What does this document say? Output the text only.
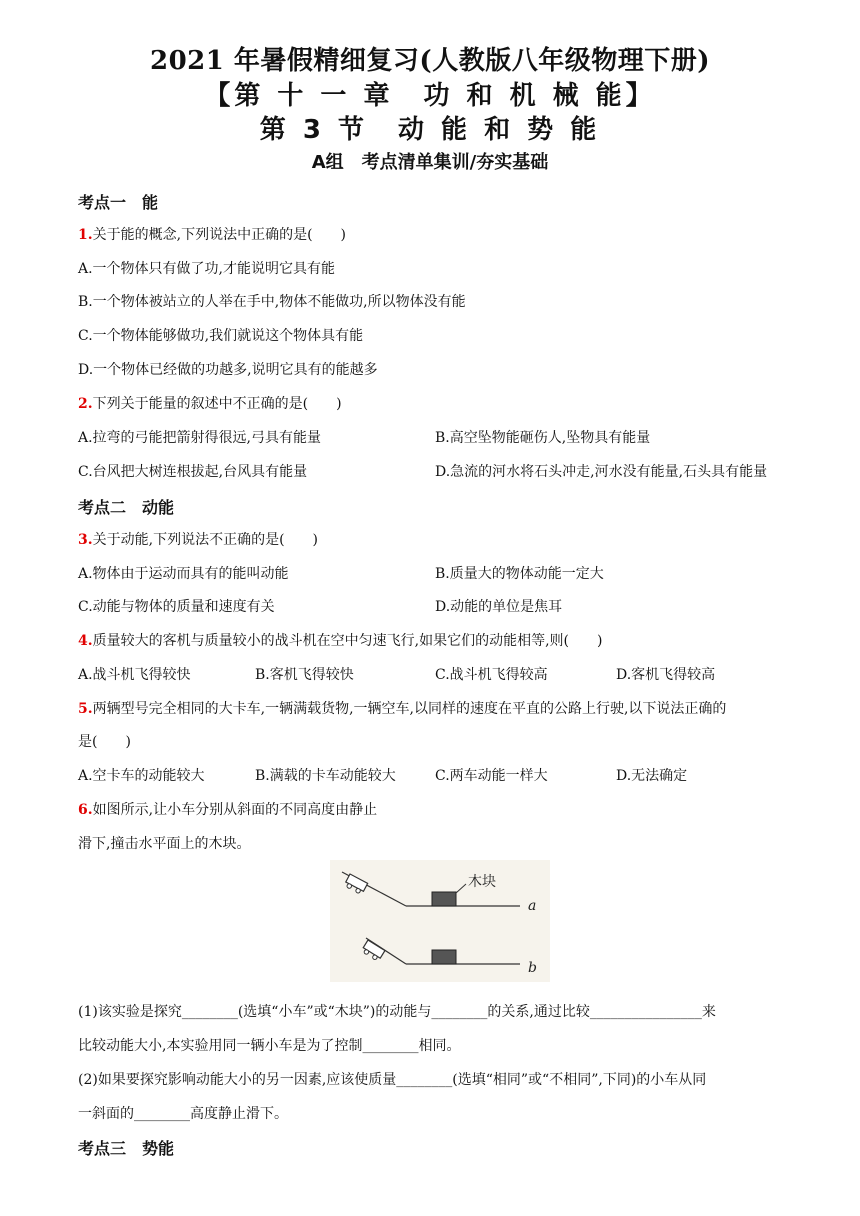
2021 年暑假精细复习(人教版八年级物理下册)
【第 十 一 章　功 和 机 械 能】
第 3 节　动 能 和 势 能
A组　考点清单集训/夯实基础
考点一　能
1.关于能的概念,下列说法中正确的是(　　)
A.一个物体只有做了功,才能说明它具有能
B.一个物体被站立的人举在手中,物体不能做功,所以物体没有能
C.一个物体能够做功,我们就说这个物体具有能
D.一个物体已经做的功越多,说明它具有的能越多
2.下列关于能量的叙述中不正确的是(　　)
A.拉弯的弓能把箭射得很远,弓具有能量	B.高空坠物能砸伤人,坠物具有能量
C.台风把大树连根拔起,台风具有能量	D.急流的河水将石头冲走,河水没有能量,石头具有能量
考点二　动能
3.关于动能,下列说法不正确的是(　　)
A.物体由于运动而具有的能叫动能	B.质量大的物体动能一定大
C.动能与物体的质量和速度有关	D.动能的单位是焦耳
4.质量较大的客机与质量较小的战斗机在空中匀速飞行,如果它们的动能相等,则(　　)
A.战斗机飞得较快	B.客机飞得较快	C.战斗机飞得较高	D.客机飞得较高
5.两辆型号完全相同的大卡车,一辆满载货物,一辆空车,以同样的速度在平直的公路上行驶,以下说法正确的
是(　　)
A.空卡车的动能较大	B.满载的卡车动能较大	C.两车动能一样大	D.无法确定
6.如图所示,让小车分别从斜面的不同高度由静止
滑下,撞击水平面上的木块。
木块
a
b
(1)该实验是探究________(选填“小车”或“木块”)的动能与________的关系,通过比较________________来
比较动能大小,本实验用同一辆小车是为了控制________相同。
(2)如果要探究影响动能大小的另一因素,应该使质量________(选填“相同”或“不相同”,下同)的小车从同
一斜面的________高度静止滑下。
考点三　势能
